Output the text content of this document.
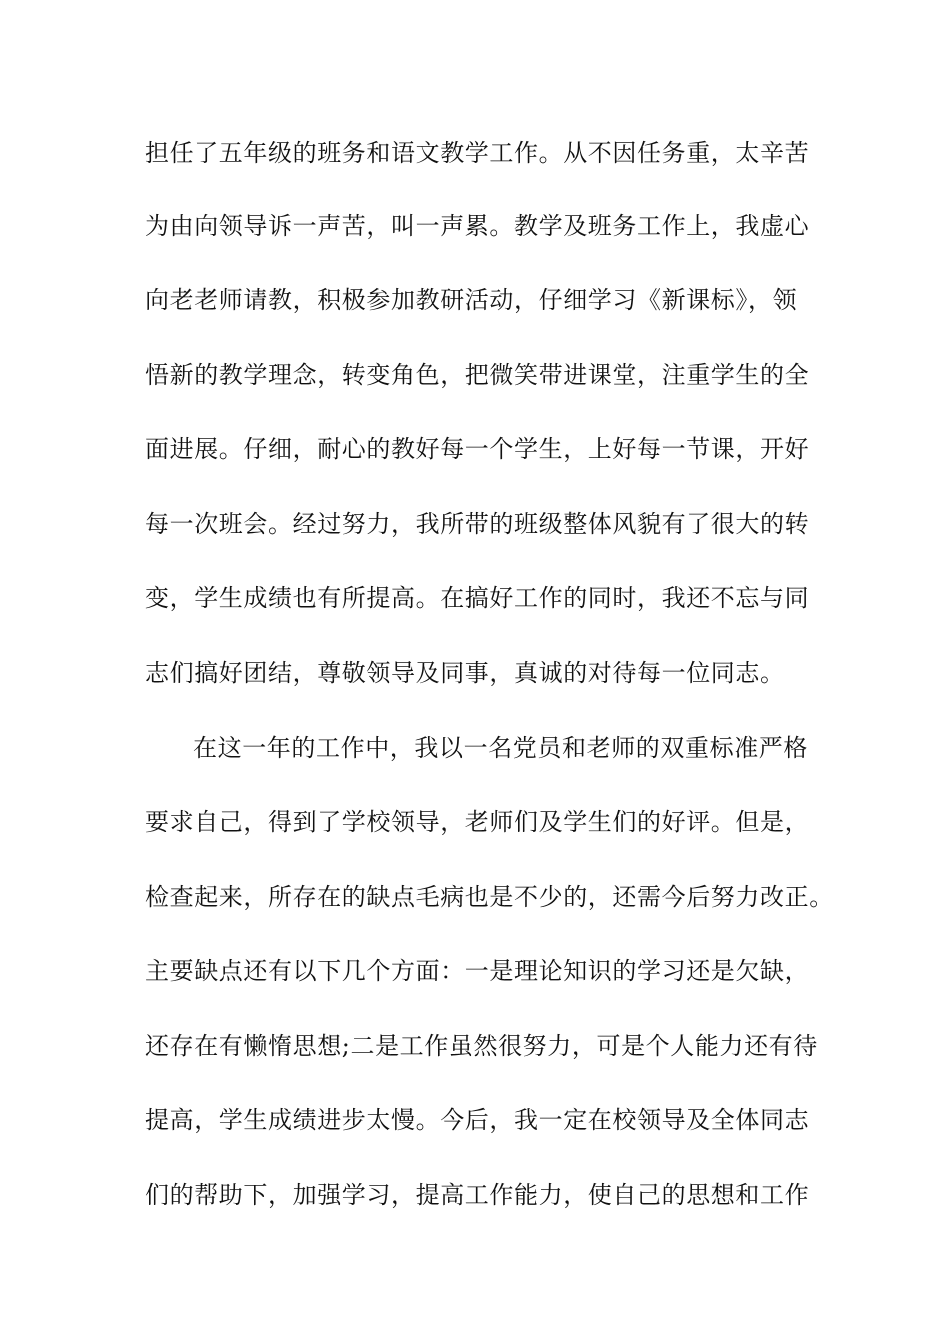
担任了五年级的班务和语文教学工作。从不因任务重，太辛苦
为由向领导诉一声苦，叫一声累。教学及班务工作上，我虚心
向老老师请教，积极参加教研活动，仔细学习《新课标》，领
悟新的教学理念，转变角色，把微笑带进课堂，注重学生的全
面进展。仔细，耐心的教好每一个学生，上好每一节课，开好
每一次班会。经过努力，我所带的班级整体风貌有了很大的转
变，学生成绩也有所提高。在搞好工作的同时，我还不忘与同
志们搞好团结，尊敬领导及同事，真诚的对待每一位同志。
在这一年的工作中，我以一名党员和老师的双重标准严格
要求自己，得到了学校领导，老师们及学生们的好评。但是，
检查起来，所存在的缺点毛病也是不少的，还需今后努力改正。
主要缺点还有以下几个方面：一是理论知识的学习还是欠缺，
还存在有懒惰思想;二是工作虽然很努力，可是个人能力还有待
提高，学生成绩进步太慢。今后，我一定在校领导及全体同志
们的帮助下，加强学习，提高工作能力，使自己的思想和工作
